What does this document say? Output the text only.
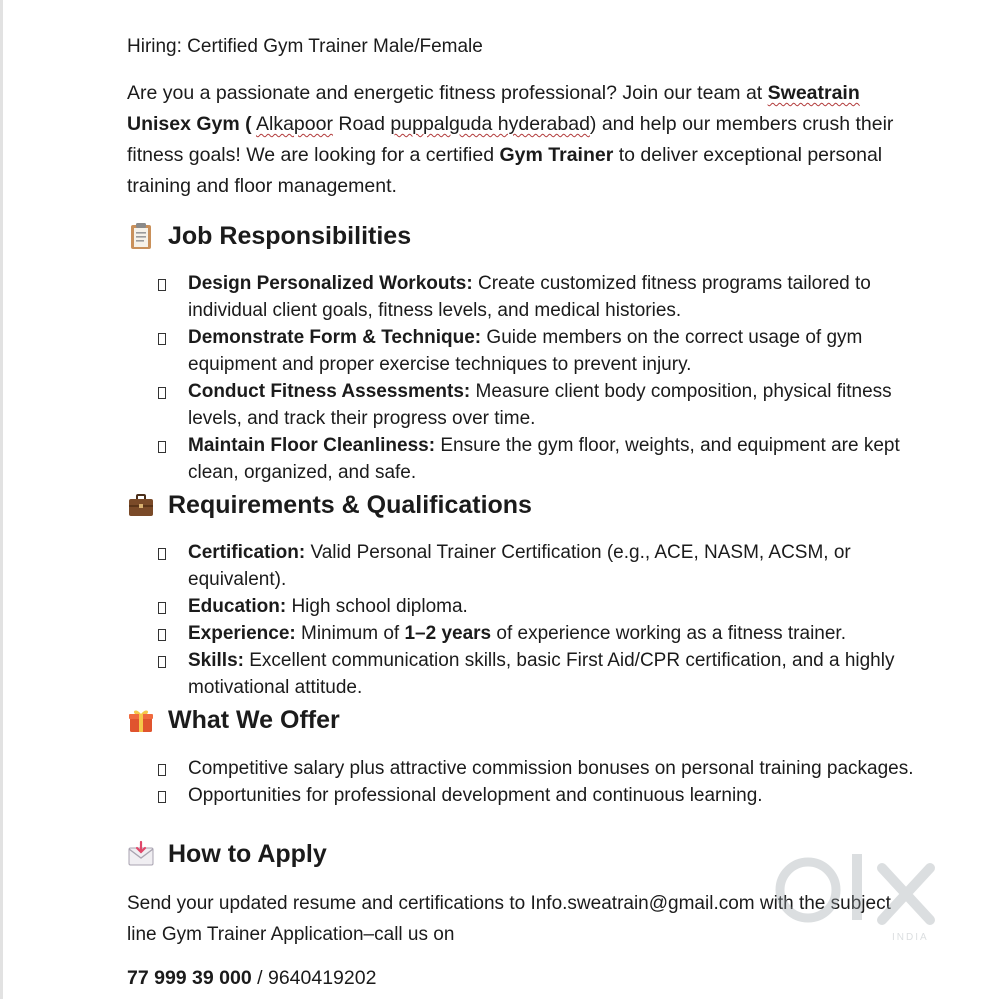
Hiring: Certified Gym Trainer Male/Female
Are you a passionate and energetic fitness professional? Join our team at Sweatrain
Unisex Gym ( Alkapoor Road puppalguda hyderabad) and help our members crush their fitness goals! We are looking for a certified Gym Trainer to deliver exceptional personal training and floor management.
Job Responsibilities
Design Personalized Workouts: Create customized fitness programs tailored to individual client goals, fitness levels, and medical histories.
Demonstrate Form & Technique: Guide members on the correct usage of gym equipment and proper exercise techniques to prevent injury.
Conduct Fitness Assessments: Measure client body composition, physical fitness levels, and track their progress over time.
Maintain Floor Cleanliness: Ensure the gym floor, weights, and equipment are kept clean, organized, and safe.
Requirements & Qualifications
Certification: Valid Personal Trainer Certification (e.g., ACE, NASM, ACSM, or equivalent).
Education: High school diploma.
Experience: Minimum of 1–2 years of experience working as a fitness trainer.
Skills: Excellent communication skills, basic First Aid/CPR certification, and a highly motivational attitude.
What We Offer
Competitive salary plus attractive commission bonuses on personal training packages.
Opportunities for professional development and continuous learning.
How to Apply
Send your updated resume and certifications to Info.sweatrain@gmail.com with the subject line Gym Trainer Application–call us on
77 999 39 000 / 9640419202
INDIA
